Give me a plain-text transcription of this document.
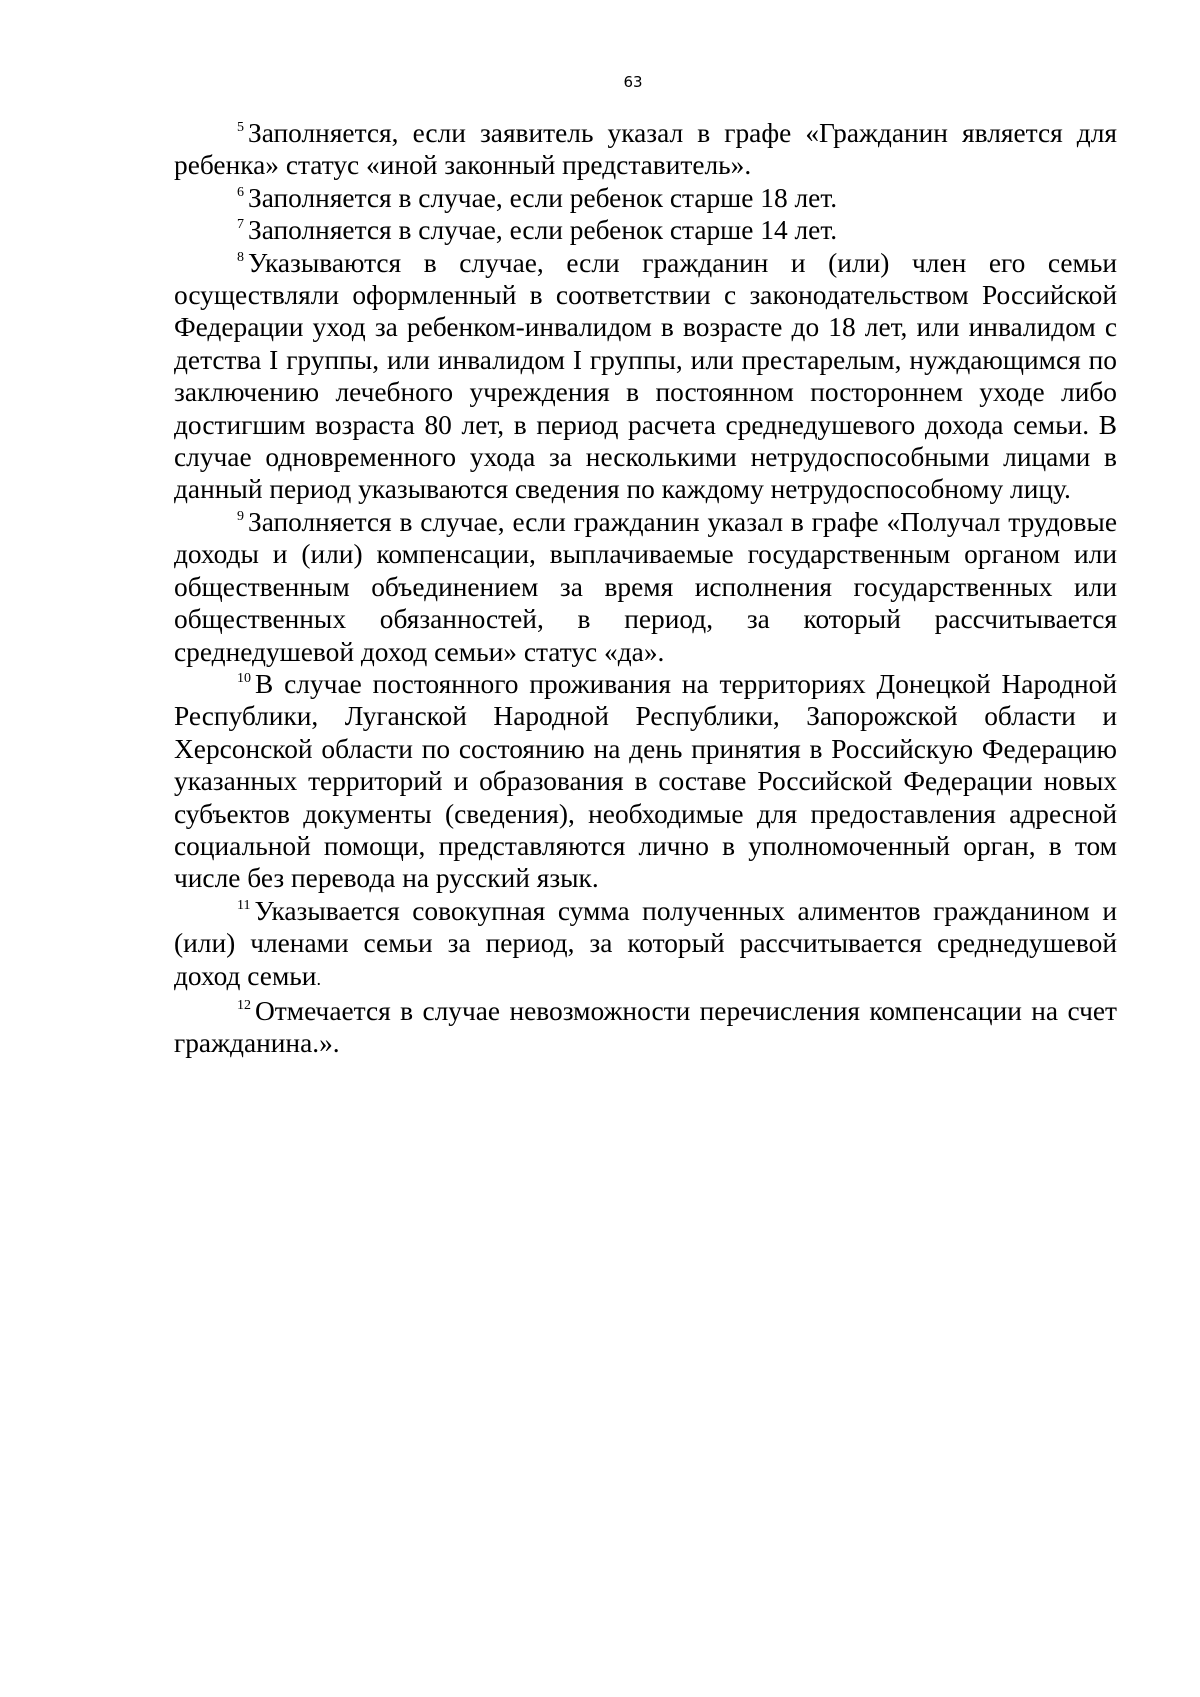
63

$^5$ Заполняется, если заявитель указал в графе «Гражданин является для ребенка» статус «иной законный представитель».

$^6$ Заполняется в случае, если ребенок старше 18 лет.

$^7$ Заполняется в случае, если ребенок старше 14 лет.

$^8$ Указываются в случае, если гражданин и (или) член его семьи осуществляли оформленный в соответствии с законодательством Российской Федерации уход за ребенком-инвалидом в возрасте до 18 лет, или инвалидом с детства I группы, или инвалидом I группы, или престарелым, нуждающимся по заключению лечебного учреждения в постоянном постороннем уходе либо достигшим возраста 80 лет, в период расчета среднедушевого дохода семьи. В случае одновременного ухода за несколькими нетрудоспособными лицами в данный период указываются сведения по каждому нетрудоспособному лицу.

$^9$ Заполняется в случае, если гражданин указал в графе «Получал трудовые доходы и (или) компенсации, выплачиваемые государственным органом или общественным объединением за время исполнения государственных или общественных обязанностей, в период, за который рассчитывается среднедушевой доход семьи» статус «да».

$^{10}$ В случае постоянного проживания на территориях Донецкой Народной Республики, Луганской Народной Республики, Запорожской области и Херсонской области по состоянию на день принятия в Российскую Федерацию указанных территорий и образования в составе Российской Федерации новых субъектов документы (сведения), необходимые для предоставления адресной социальной помощи, представляются лично в уполномоченный орган, в том числе без перевода на русский язык.

$^{11}$ Указывается совокупная сумма полученных алиментов гражданином и (или) членами семьи за период, за который рассчитывается среднедушевой доход семьи.

$^{12}$ Отмечается в случае невозможности перечисления компенсации на счет гражданина.».
